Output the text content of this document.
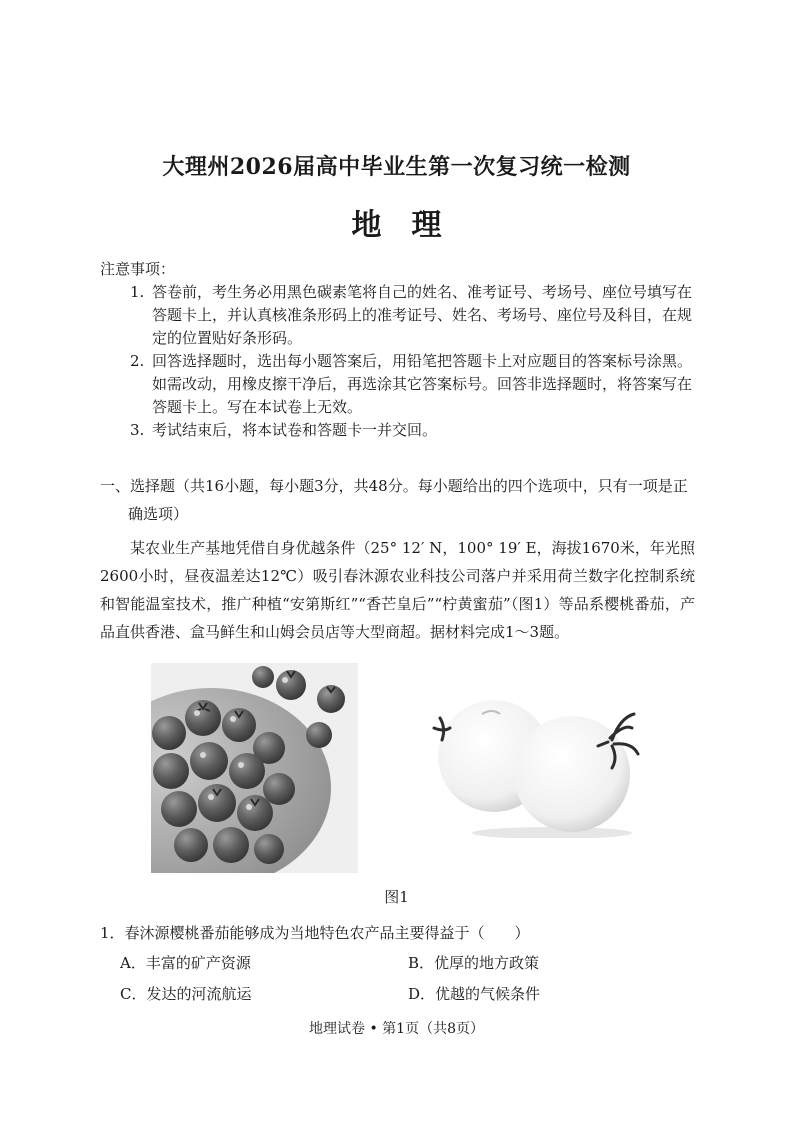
大理州2026届高中毕业生第一次复习统一检测
地理
注意事项：
1. 答卷前，考生务必用黑色碳素笔将自己的姓名、准考证号、考场号、座位号填写在答题卡上，并认真核准条形码上的准考证号、姓名、考场号、座位号及科目，在规定的位置贴好条形码。
2. 回答选择题时，选出每小题答案后，用铅笔把答题卡上对应题目的答案标号涂黑。如需改动，用橡皮擦干净后，再选涂其它答案标号。回答非选择题时，将答案写在答题卡上。写在本试卷上无效。
3. 考试结束后，将本试卷和答题卡一并交回。
一、选择题（共16小题，每小题3分，共48分。每小题给出的四个选项中，只有一项是正
确选项）
某农业生产基地凭借自身优越条件（25° 12′ N，100° 19′ E，海拔1670米，年光照2600小时，昼夜温差达12℃）吸引春沐源农业科技公司落户并采用荷兰数字化控制系统和智能温室技术，推广种植“安第斯红”“香芒皇后”“柠黄蜜茄”（图1）等品系樱桃番茄，产品直供香港、盒马鲜生和山姆会员店等大型商超。据材料完成1～3题。
图1
1．春沐源樱桃番茄能够成为当地特色农产品主要得益于（　　）
A．丰富的矿产资源	B．优厚的地方政策
C．发达的河流航运	D．优越的气候条件
地理试卷 • 第1页（共8页）
